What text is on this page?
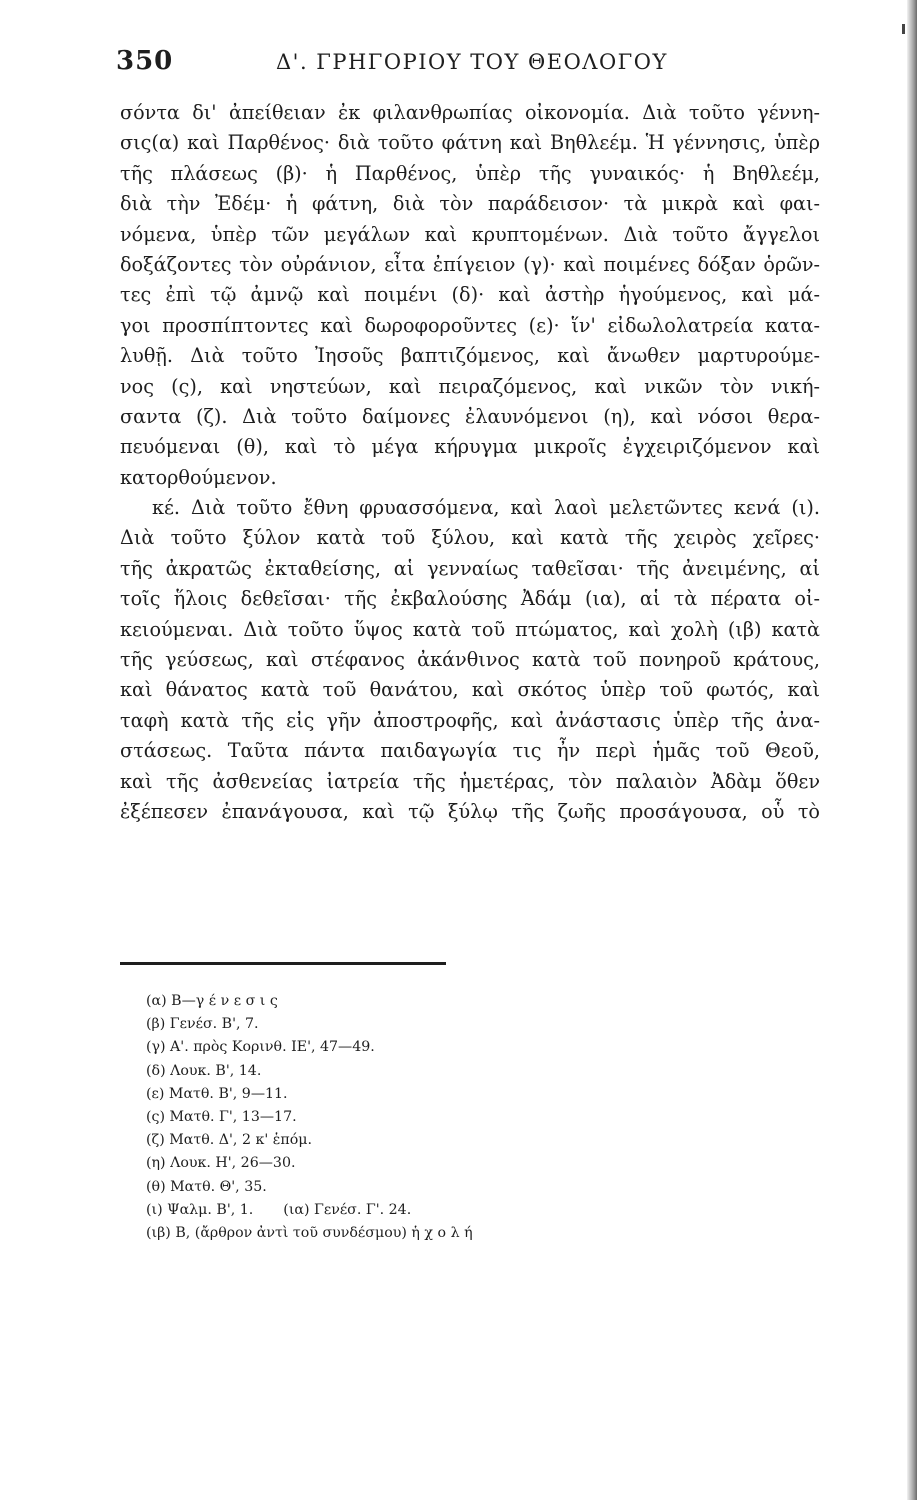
350	Δ'. ΓΡΗΓΟΡΙΟΥ ΤΟΥ ΘΕΟΛΟΓΟΥ
σόντα δι' ἀπείθειαν ἐκ φιλανθρωπίας οἰκονομία. Διὰ τοῦτο γέννη-
σις(α) καὶ Παρθένος· διὰ τοῦτο φάτνη καὶ Βηθλεέμ. Ἡ γέννησις, ὑπὲρ
τῆς πλάσεως (β)· ἡ Παρθένος, ὑπὲρ τῆς γυναικός· ἡ Βηθλεέμ,
διὰ τὴν Ἐδέμ· ἡ φάτνη, διὰ τὸν παράδεισον· τὰ μικρὰ καὶ φαι-
νόμενα, ὑπὲρ τῶν μεγάλων καὶ κρυπτομένων. Διὰ τοῦτο ἄγγελοι
δοξάζοντες τὸν οὐράνιον, εἶτα ἐπίγειον (γ)· καὶ ποιμένες δόξαν ὁρῶν-
τες ἐπὶ τῷ ἀμνῷ καὶ ποιμένι (δ)· καὶ ἀστὴρ ἡγούμενος, καὶ μά-
γοι προσπίπτοντες καὶ δωροφοροῦντες (ε)· ἵν' εἰδωλολατρεία κατα-
λυθῇ. Διὰ τοῦτο Ἰησοῦς βαπτιζόμενος, καὶ ἄνωθεν μαρτυρούμε-
νος (ς), καὶ νηστεύων, καὶ πειραζόμενος, καὶ νικῶν τὸν νική-
σαντα (ζ). Διὰ τοῦτο δαίμονες ἐλαυνόμενοι (η), καὶ νόσοι θερα-
πευόμεναι (θ), καὶ τὸ μέγα κήρυγμα μικροῖς ἐγχειριζόμενον καὶ
κατορθούμενον.
κέ. Διὰ τοῦτο ἔθνη φρυασσόμενα, καὶ λαοὶ μελετῶντες κενά (ι).
Διὰ τοῦτο ξύλον κατὰ τοῦ ξύλου, καὶ κατὰ τῆς χειρὸς χεῖρες·
τῆς ἀκρατῶς ἐκταθείσης, αἱ γενναίως ταθεῖσαι· τῆς ἀνειμένης, αἱ
τοῖς ἥλοις δεθεῖσαι· τῆς ἐκβαλούσης Ἀδάμ (ια), αἱ τὰ πέρατα οἰ-
κειούμεναι. Διὰ τοῦτο ὕψος κατὰ τοῦ πτώματος, καὶ χολὴ (ιβ) κατὰ
τῆς γεύσεως, καὶ στέφανος ἀκάνθινος κατὰ τοῦ πονηροῦ κράτους,
καὶ θάνατος κατὰ τοῦ θανάτου, καὶ σκότος ὑπὲρ τοῦ φωτός, καὶ
ταφὴ κατὰ τῆς εἰς γῆν ἀποστροφῆς, καὶ ἀνάστασις ὑπὲρ τῆς ἀνα-
στάσεως. Ταῦτα πάντα παιδαγωγία τις ἦν περὶ ἡμᾶς τοῦ Θεοῦ,
καὶ τῆς ἀσθενείας ἰατρεία τῆς ἡμετέρας, τὸν παλαιὸν Ἀδὰμ ὅθεν
ἐξέπεσεν ἐπανάγουσα, καὶ τῷ ξύλῳ τῆς ζωῆς προσάγουσα, οὗ τὸ
(α) B—γ έ ν ε σ ι ς
(β) Γενέσ. Β', 7.
(γ) Α'. πρὸς Κορινθ. ΙΕ', 47—49.
(δ) Λουκ. Β', 14.
(ε) Ματθ. Β', 9—11.
(ς) Ματθ. Γ', 13—17.
(ζ) Ματθ. Δ', 2 κ' ἑπόμ.
(η) Λουκ. Η', 26—30.
(θ) Ματθ. Θ', 35.
(ι) Ψαλμ. Β', 1. (ια) Γενέσ. Γ'. 24.
(ιβ) B, (ἄρθρον ἀντὶ τοῦ συνδέσμου) ἡ χ ο λ ή
